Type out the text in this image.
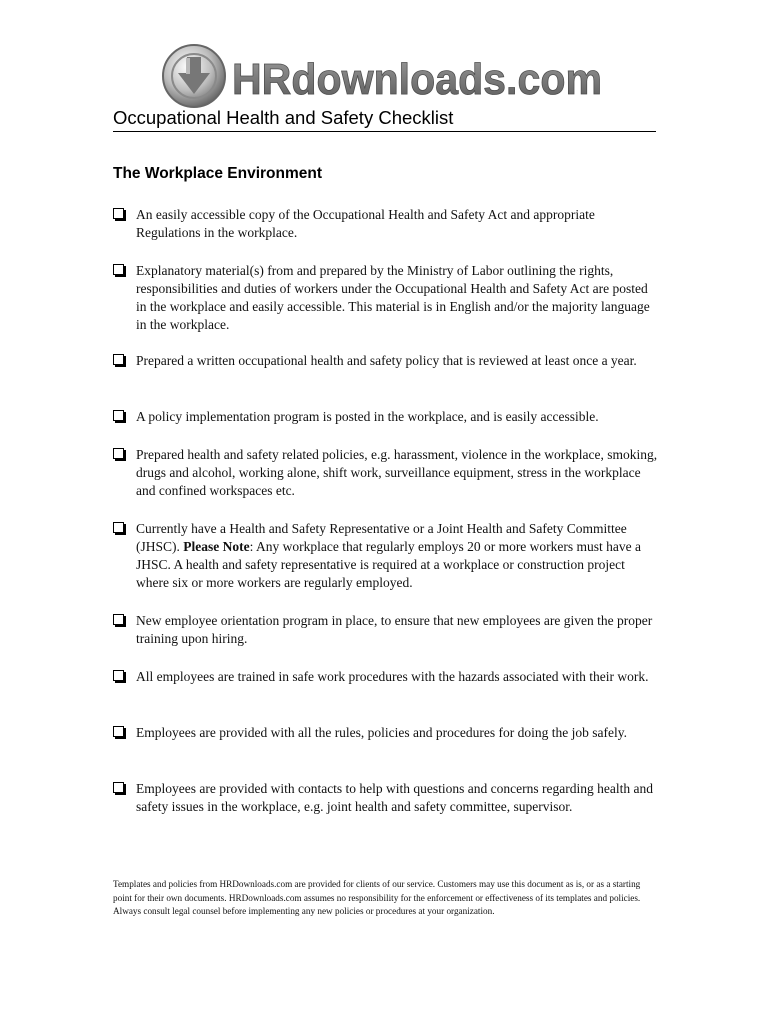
HRdownloads.com
Occupational Health and Safety Checklist
The Workplace Environment
An easily accessible copy of the Occupational Health and Safety Act and appropriate Regulations in the workplace.
Explanatory material(s) from and prepared by the Ministry of Labor outlining the rights, responsibilities and duties of workers under the Occupational Health and Safety Act are posted in the workplace and easily accessible. This material is in English and/or the majority language in the workplace.
Prepared a written occupational health and safety policy that is reviewed at least once a year.
A policy implementation program is posted in the workplace, and is easily accessible.
Prepared health and safety related policies, e.g. harassment, violence in the workplace, smoking, drugs and alcohol, working alone, shift work, surveillance equipment, stress in the workplace and confined workspaces etc.
Currently have a Health and Safety Representative or a Joint Health and Safety Committee (JHSC). Please Note: Any workplace that regularly employs 20 or more workers must have a JHSC. A health and safety representative is required at a workplace or construction project where six or more workers are regularly employed.
New employee orientation program in place, to ensure that new employees are given the proper training upon hiring.
All employees are trained in safe work procedures with the hazards associated with their work.
Employees are provided with all the rules, policies and procedures for doing the job safely.
Employees are provided with contacts to help with questions and concerns regarding health and safety issues in the workplace, e.g. joint health and safety committee, supervisor.
Templates and policies from HRDownloads.com are provided for clients of our service. Customers may use this document as is, or as a starting point for their own documents. HRDownloads.com assumes no responsibility for the enforcement or effectiveness of its templates and policies. Always consult legal counsel before implementing any new policies or procedures at your organization.
